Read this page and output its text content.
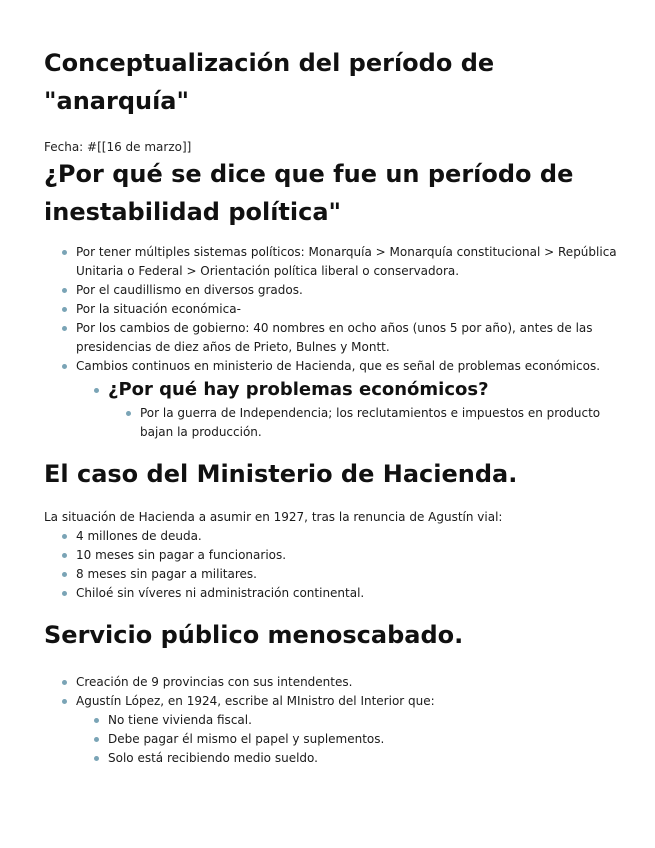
Conceptualización del período de "anarquía"
Fecha: #[[16 de marzo]]
¿Por qué se dice que fue un período de inestabilidad política"
Por tener múltiples sistemas políticos: Monarquía > Monarquía constitucional > República Unitaria o Federal > Orientación política liberal o conservadora.
Por el caudillismo en diversos grados.
Por la situación económica-
Por los cambios de gobierno: 40 nombres en ocho años (unos 5 por año), antes de las presidencias de diez años de Prieto, Bulnes y Montt.
Cambios continuos en ministerio de Hacienda, que es señal de problemas económicos.
¿Por qué hay problemas económicos?
Por la guerra de Independencia; los reclutamientos e impuestos en producto bajan la producción.
El caso del Ministerio de Hacienda.
La situación de Hacienda a asumir en 1927, tras la renuncia de Agustín vial:
4 millones de deuda.
10 meses sin pagar a funcionarios.
8 meses sin pagar a militares.
Chiloé sin víveres ni administración continental.
Servicio público menoscabado.
Creación de 9 provincias con sus intendentes.
Agustín López, en 1924, escribe al MInistro del Interior que:
No tiene vivienda fiscal.
Debe pagar él mismo el papel y suplementos.
Solo está recibiendo medio sueldo.
